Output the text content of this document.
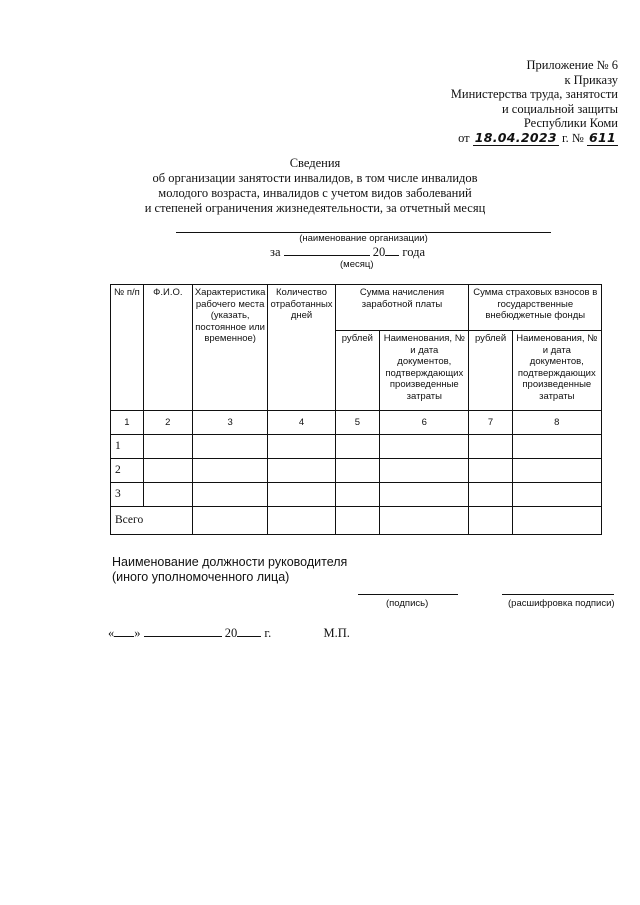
Приложение № 6
к Приказу
Министерства труда, занятости
и социальной защиты
Республики Коми
от 18.04.2023 г. № 611
Сведения
об организации занятости инвалидов, в том числе инвалидов
молодого возраста, инвалидов с учетом видов заболеваний
и степеней ограничения жизнедеятельности, за отчетный месяц
(наименование организации)
за	20 года
(месяц)
№ п/п	Ф.И.О.	Характеристика рабочего места (указать, постоянное или временное)	Количество отработанных дней	Сумма начисления заработной платы		Сумма страховых взносов в государственные внебюджетные фонды	
				рублей	Наименования, № и дата документов, подтверждающих произведенные затраты	рублей	Наименования, № и дата документов, подтверждающих произведенные затраты
1	2	3	4	5	6	7	8
1							
2							
3							
Всего							
Наименование должности руководителя
(иного уполномоченного лица)
(подпись)	(расшифровка подписи)
« »	20 г.	М.П.
